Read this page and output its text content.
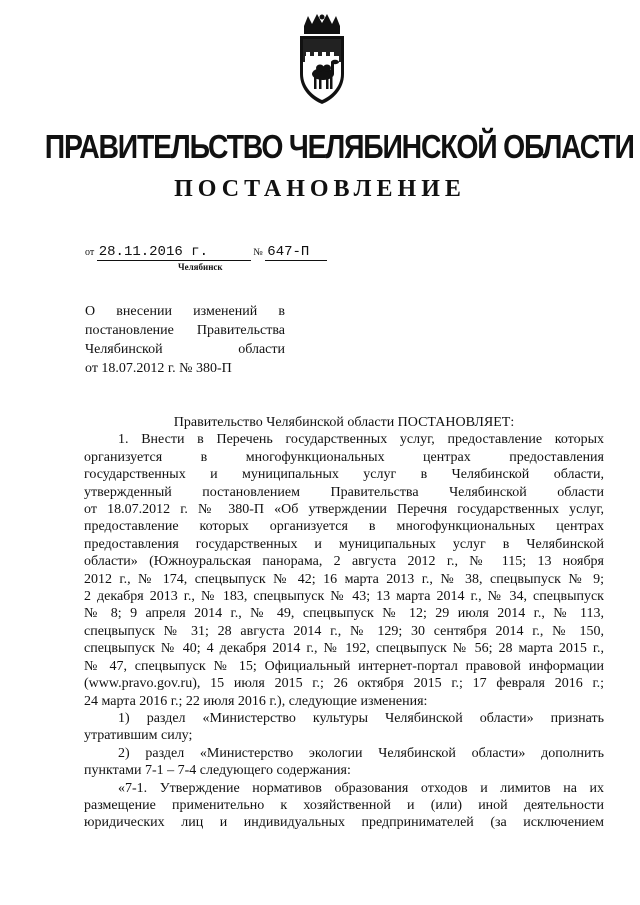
ПРАВИТЕЛЬСТВО ЧЕЛЯБИНСКОЙ ОБЛАСТИ
ПОСТАНОВЛЕНИЕ
от 28.11.2016 г.	№ 647-П
Челябинск
О внесении изменений в
постановление Правительства
Челябинской области
от 18.07.2012 г. № 380-П
Правительство Челябинской области ПОСТАНОВЛЯЕТ:
1. Внести в Перечень государственных услуг, предоставление которых
организуется в многофункциональных центрах предоставления
государственных и муниципальных услуг в Челябинской области,
утвержденный постановлением Правительства Челябинской области
от 18.07.2012 г. № 380-П «Об утверждении Перечня государственных услуг,
предоставление которых организуется в многофункциональных центрах
предоставления государственных и муниципальных услуг в Челябинской
области» (Южноуральская панорама, 2 августа 2012 г., № 115; 13 ноября
2012 г., № 174, спецвыпуск № 42; 16 марта 2013 г., № 38, спецвыпуск № 9;
2 декабря 2013 г., № 183, спецвыпуск № 43; 13 марта 2014 г., № 34, спецвыпуск
№ 8; 9 апреля 2014 г., № 49, спецвыпуск № 12; 29 июля 2014 г., № 113,
спецвыпуск № 31; 28 августа 2014 г., № 129; 30 сентября 2014 г., № 150,
спецвыпуск № 40; 4 декабря 2014 г., № 192, спецвыпуск № 56; 28 марта 2015 г.,
№ 47, спецвыпуск № 15; Официальный интернет-портал правовой информации
(www.pravo.gov.ru), 15 июля 2015 г.; 26 октября 2015 г.; 17 февраля 2016 г.;
24 марта 2016 г.; 22 июля 2016 г.), следующие изменения:
1) раздел «Министерство культуры Челябинской области» признать
утратившим силу;
2) раздел «Министерство экологии Челябинской области» дополнить
пунктами 7-1 – 7-4 следующего содержания:
«7-1. Утверждение нормативов образования отходов и лимитов на их
размещение применительно к хозяйственной и (или) иной деятельности
юридических лиц и индивидуальных предпринимателей (за исключением
